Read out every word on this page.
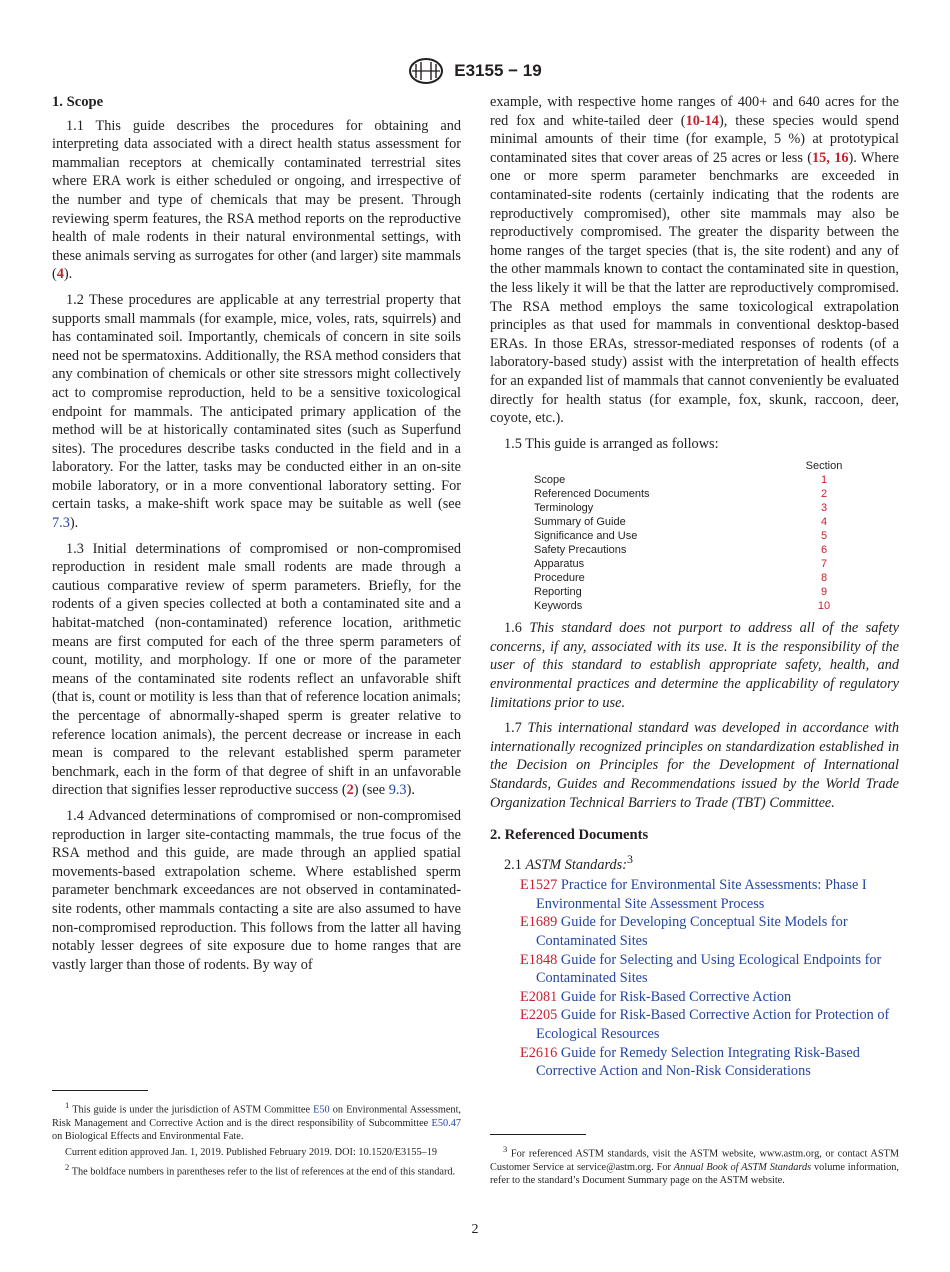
E3155 − 19
1. Scope

1.1 This guide describes the procedures for obtaining and interpreting data associated with a direct health status assessment for mammalian receptors at chemically contaminated terrestrial sites where ERA work is either scheduled or ongoing, and irrespective of the number and type of chemicals that may be present. Through reviewing sperm features, the RSA method reports on the reproductive health of male rodents in their natural environmental settings, with these animals serving as surrogates for other (and larger) site mammals (4).

1.2 These procedures are applicable at any terrestrial property that supports small mammals (for example, mice, voles, rats, squirrels) and has contaminated soil. Importantly, chemicals of concern in site soils need not be spermatoxins. Additionally, the RSA method considers that any combination of chemicals or other site stressors might collectively act to compromise reproduction, held to be a sensitive toxicological endpoint for mammals. The anticipated primary application of the method will be at historically contaminated sites (such as Superfund sites). The procedures describe tasks conducted in the field and in a laboratory. For the latter, tasks may be conducted either in an on-site mobile laboratory, or in a more conventional laboratory setting. For certain tasks, a make-shift work space may be suitable as well (see 7.3).

1.3 Initial determinations of compromised or non-compromised reproduction in resident male small rodents are made through a cautious comparative review of sperm parameters. Briefly, for the rodents of a given species collected at both a contaminated site and a habitat-matched (non-contaminated) reference location, arithmetic means are first computed for each of the three sperm parameters of count, motility, and morphology. If one or more of the parameter means of the contaminated site rodents reflect an unfavorable shift (that is, count or motility is less than that of reference location animals; the percentage of abnormally-shaped sperm is greater relative to reference location animals), the percent decrease or increase in each mean is compared to the relevant established sperm parameter benchmark, each in the form of that degree of shift in an unfavorable direction that signifies lesser reproductive success (2) (see 9.3).

1.4 Advanced determinations of compromised or non-compromised reproduction in larger site-contacting mammals, the true focus of the RSA method and this guide, are made through an applied spatial movements-based extrapolation scheme. Where established sperm parameter benchmark exceedances are not observed in contaminated-site rodents, other mammals contacting a site are also assumed to have non-compromised reproduction. This follows from the latter all having notably lesser degrees of site exposure due to home ranges that are vastly larger than those of rodents. By way of

$^1$ This guide is under the jurisdiction of ASTM Committee E50 on Environmental Assessment, Risk Management and Corrective Action and is the direct responsibility of Subcommittee E50.47 on Biological Effects and Environmental Fate.
Current edition approved Jan. 1, 2019. Published February 2019. DOI: 10.1520/E3155–19
$^2$ The boldface numbers in parentheses refer to the list of references at the end of this standard.

example, with respective home ranges of 400+ and 640 acres for the red fox and white-tailed deer (10-14), these species would spend minimal amounts of their time (for example, 5 %) at prototypical contaminated sites that cover areas of 25 acres or less (15, 16). Where one or more sperm parameter benchmarks are exceeded in contaminated-site rodents (certainly indicating that the rodents are reproductively compromised), other site mammals may also be reproductively compromised. The greater the disparity between the home ranges of the target species (that is, the site rodent) and any of the other mammals known to contact the contaminated site in question, the less likely it will be that the latter are reproductively compromised. The RSA method employs the same toxicological extrapolation principles as that used for mammals in conventional desktop-based ERAs. In those ERAs, stressor-mediated responses of rodents (of a laboratory-based study) assist with the interpretation of health effects for an expanded list of mammals that cannot conveniently be evaluated directly for health status (for example, fox, skunk, raccoon, deer, coyote, etc.).

1.5 This guide is arranged as follows:

Section
Scope	1
Referenced Documents	2
Terminology	3
Summary of Guide	4
Significance and Use	5
Safety Precautions	6
Apparatus	7
Procedure	8
Reporting	9
Keywords	10

1.6 This standard does not purport to address all of the safety concerns, if any, associated with its use. It is the responsibility of the user of this standard to establish appropriate safety, health, and environmental practices and determine the applicability of regulatory limitations prior to use.

1.7 This international standard was developed in accordance with internationally recognized principles on standardization established in the Decision on Principles for the Development of International Standards, Guides and Recommendations issued by the World Trade Organization Technical Barriers to Trade (TBT) Committee.

2. Referenced Documents

2.1 ASTM Standards:$^3$

E1527 Practice for Environmental Site Assessments: Phase I Environmental Site Assessment Process
E1689 Guide for Developing Conceptual Site Models for Contaminated Sites
E1848 Guide for Selecting and Using Ecological Endpoints for Contaminated Sites
E2081 Guide for Risk-Based Corrective Action
E2205 Guide for Risk-Based Corrective Action for Protection of Ecological Resources
E2616 Guide for Remedy Selection Integrating Risk-Based Corrective Action and Non-Risk Considerations
$^3$ For referenced ASTM standards, visit the ASTM website, www.astm.org, or contact ASTM Customer Service at service@astm.org. For Annual Book of ASTM Standards volume information, refer to the standard’s Document Summary page on the ASTM website.
2
